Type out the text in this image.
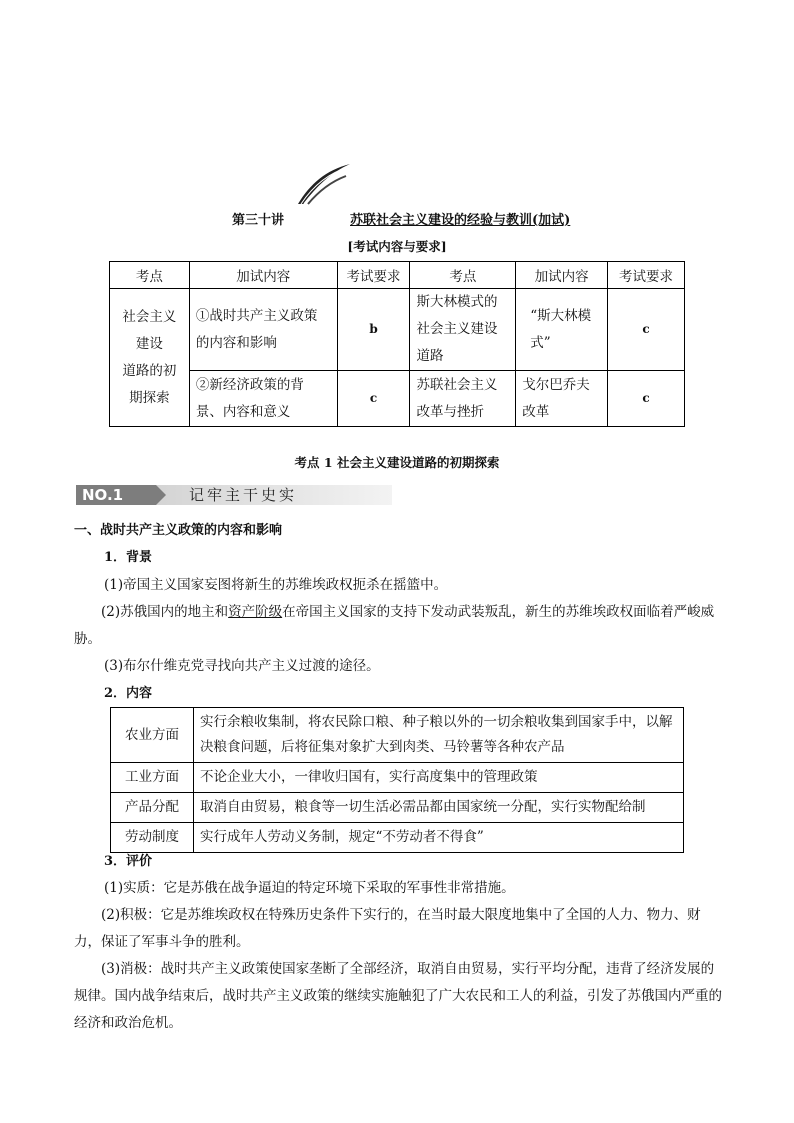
第三十讲	苏联社会主义建设的经验与教训(加试)
[考试内容与要求]
考点	加试内容	考试要求	考点	加试内容	考试要求
社会主义
建设
道路的初
期探索	①战时共产主义政策的内容和影响	b	斯大林模式的社会主义建设道路	“斯大林模式”	c
	②新经济政策的背景、内容和意义	c	苏联社会主义改革与挫折	戈尔巴乔夫改革	c
考点 1 社会主义建设道路的初期探索
NO.1	记牢主干史实
一、战时共产主义政策的内容和影响
1．背景
(1)帝国主义国家妄图将新生的苏维埃政权扼杀在摇篮中。
(2)苏俄国内的地主和资产阶级在帝国主义国家的支持下发动武装叛乱，新生的苏维埃政权面临着严峻威胁。
(3)布尔什维克党寻找向共产主义过渡的途径。
2．内容
农业方面	实行余粮收集制，将农民除口粮、种子粮以外的一切余粮收集到国家手中，以解决粮食问题，后将征集对象扩大到肉类、马铃薯等各种农产品
工业方面	不论企业大小，一律收归国有，实行高度集中的管理政策
产品分配	取消自由贸易，粮食等一切生活必需品都由国家统一分配，实行实物配给制
劳动制度	实行成年人劳动义务制，规定“不劳动者不得食”
3．评价
(1)实质：它是苏俄在战争逼迫的特定环境下采取的军事性非常措施。
(2)积极：它是苏维埃政权在特殊历史条件下实行的，在当时最大限度地集中了全国的人力、物力、财力，保证了军事斗争的胜利。
(3)消极：战时共产主义政策使国家垄断了全部经济，取消自由贸易，实行平均分配，违背了经济发展的规律。国内战争结束后，战时共产主义政策的继续实施触犯了广大农民和工人的利益，引发了苏俄国内严重的经济和政治危机。
